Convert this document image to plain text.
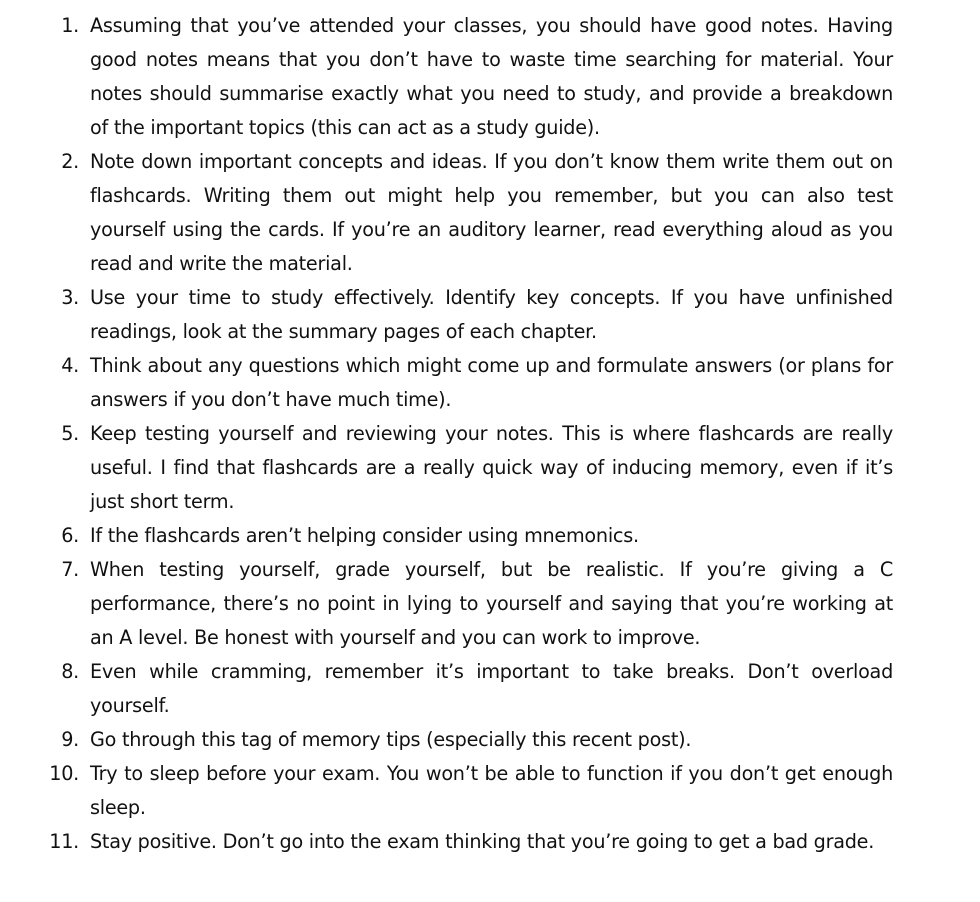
1. Assuming that you’ve attended your classes, you should have good notes. Having good notes means that you don’t have to waste time searching for material. Your notes should summarise exactly what you need to study, and provide a breakdown of the important topics (this can act as a study guide).
2. Note down important concepts and ideas. If you don’t know them write them out on flashcards. Writing them out might help you remember, but you can also test yourself using the cards. If you’re an auditory learner, read everything aloud as you read and write the material.
3. Use your time to study effectively. Identify key concepts. If you have unfinished readings, look at the summary pages of each chapter.
4. Think about any questions which might come up and formulate answers (or plans for answers if you don’t have much time).
5. Keep testing yourself and reviewing your notes. This is where flashcards are really useful. I find that flashcards are a really quick way of inducing memory, even if it’s just short term.
6. If the flashcards aren’t helping consider using mnemonics.
7. When testing yourself, grade yourself, but be realistic. If you’re giving a C performance, there’s no point in lying to yourself and saying that you’re working at an A level. Be honest with yourself and you can work to improve.
8. Even while cramming, remember it’s important to take breaks. Don’t overload yourself.
9. Go through this tag of memory tips (especially this recent post).
10. Try to sleep before your exam. You won’t be able to function if you don’t get enough sleep.
11. Stay positive. Don’t go into the exam thinking that you’re going to get a bad grade.
